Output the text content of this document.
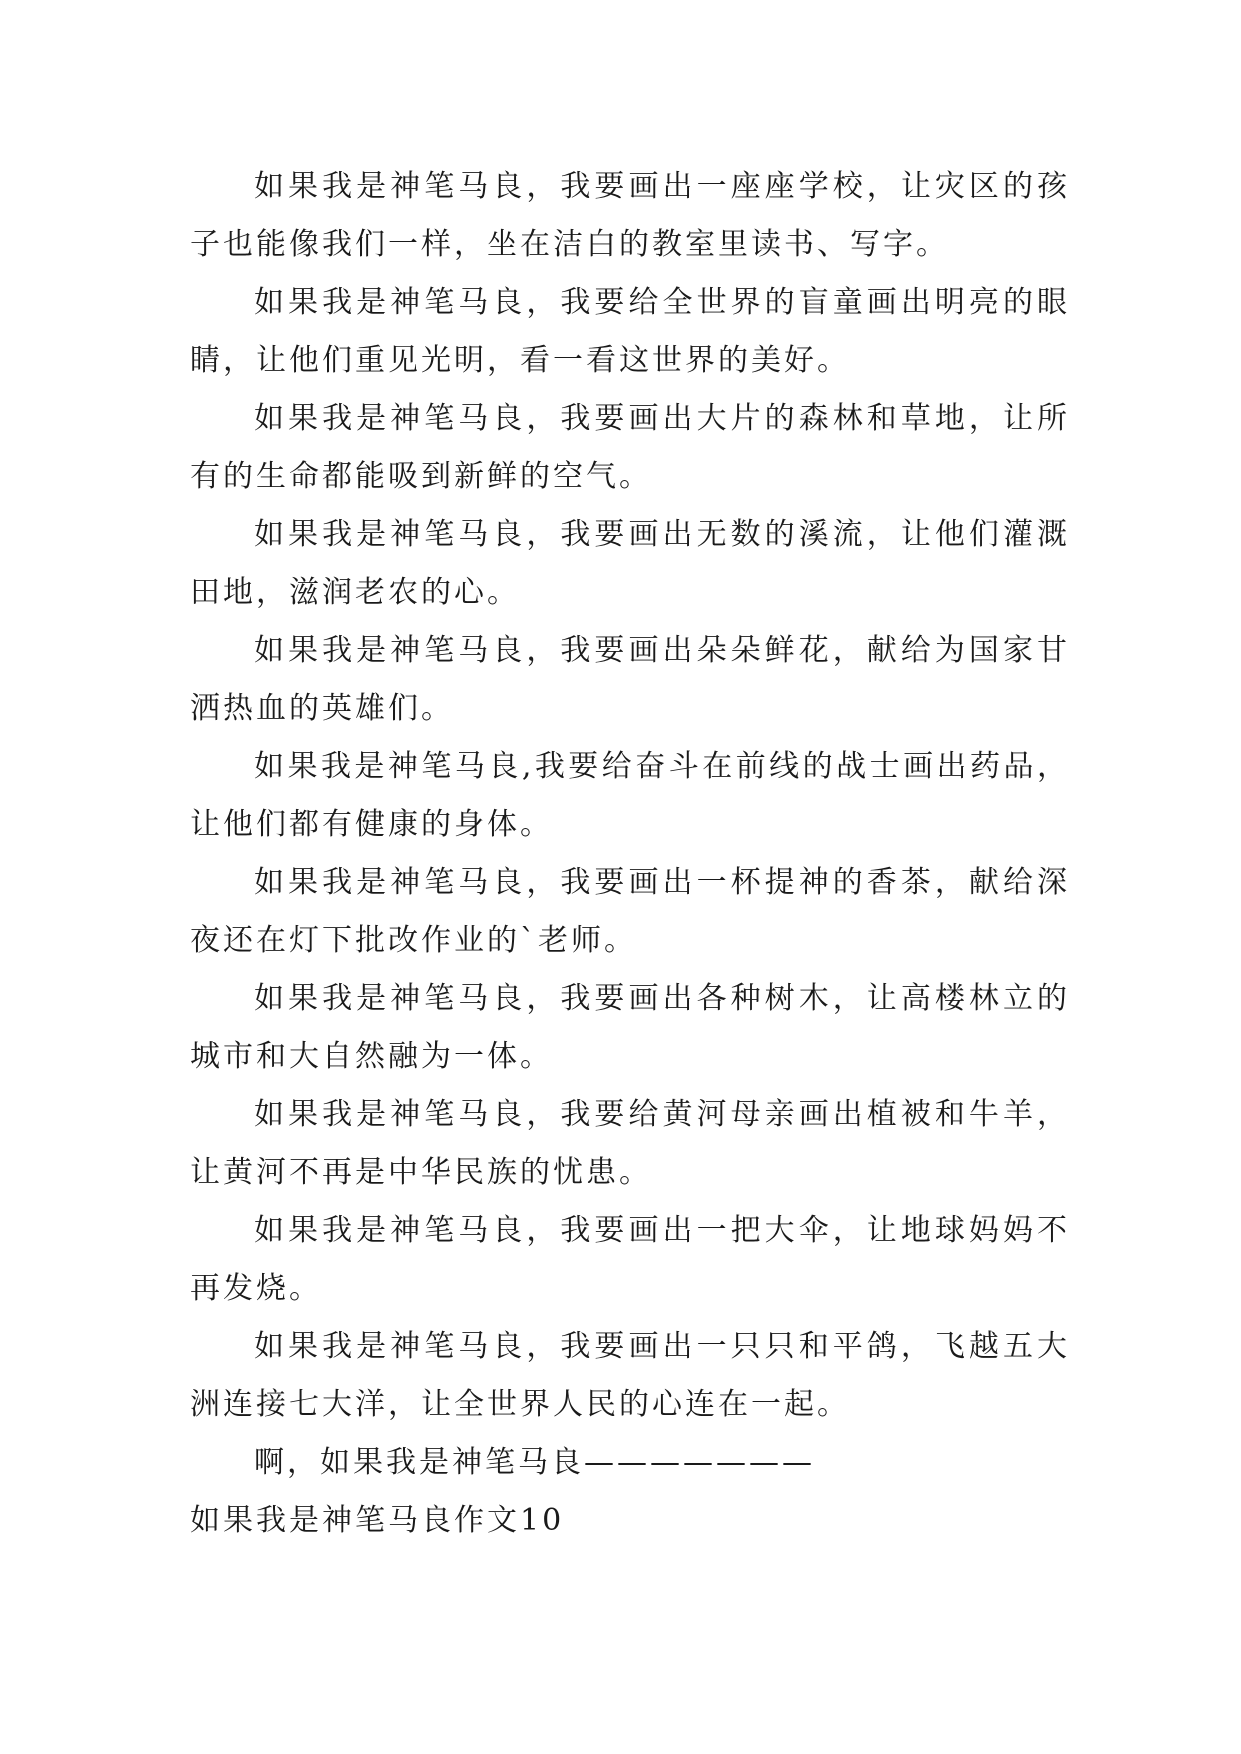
如果我是神笔马良，我要画出一座座学校，让灾区的孩子也能像我们一样，坐在洁白的教室里读书、写字。

如果我是神笔马良，我要给全世界的盲童画出明亮的眼睛，让他们重见光明，看一看这世界的美好。

如果我是神笔马良，我要画出大片的森林和草地，让所有的生命都能吸到新鲜的空气。

如果我是神笔马良，我要画出无数的溪流，让他们灌溉田地，滋润老农的心。

如果我是神笔马良，我要画出朵朵鲜花，献给为国家甘洒热血的英雄们。

如果我是神笔马良,我要给奋斗在前线的战士画出药品，让他们都有健康的身体。

如果我是神笔马良，我要画出一杯提神的香茶，献给深夜还在灯下批改作业的`老师。

如果我是神笔马良，我要画出各种树木，让高楼林立的城市和大自然融为一体。

如果我是神笔马良，我要给黄河母亲画出植被和牛羊，让黄河不再是中华民族的忧患。

如果我是神笔马良，我要画出一把大伞，让地球妈妈不再发烧。

如果我是神笔马良，我要画出一只只和平鸽，飞越五大洲连接七大洋，让全世界人民的心连在一起。

啊，如果我是神笔马良———————

如果我是神笔马良作文10
